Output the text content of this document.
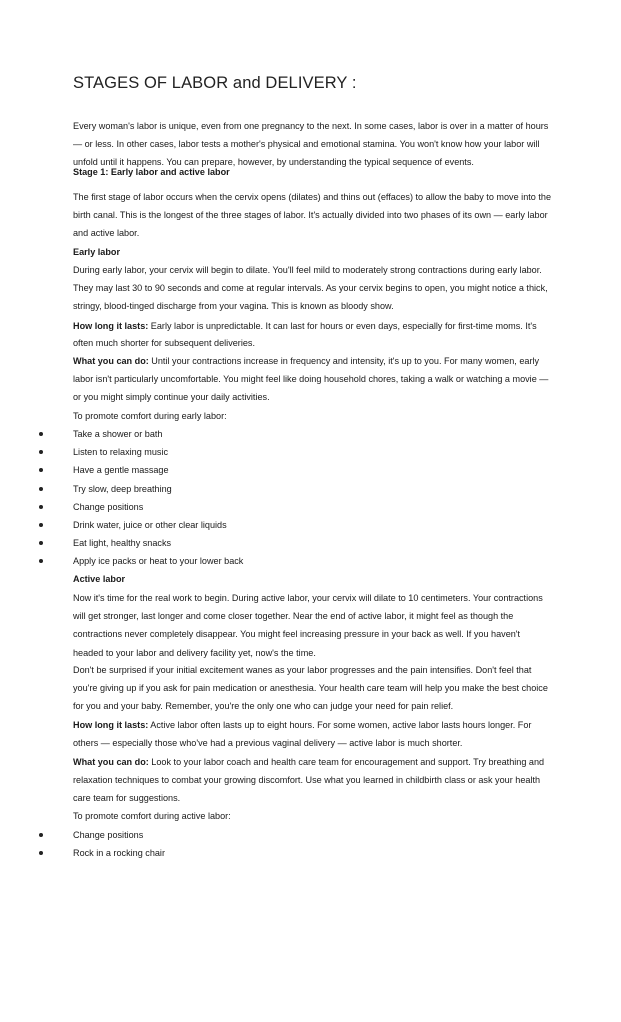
STAGES OF LABOR and DELIVERY :

Every woman's labor is unique, even from one pregnancy to the next. In some cases, labor is over in a matter of hours — or less. In other cases, labor tests a mother's physical and emotional stamina. You won't know how your labor will unfold until it happens. You can prepare, however, by understanding the typical sequence of events.

Stage 1: Early labor and active labor

The first stage of labor occurs when the cervix opens (dilates) and thins out (effaces) to allow the baby to move into the birth canal. This is the longest of the three stages of labor. It's actually divided into two phases of its own — early labor and active labor.

Early labor

During early labor, your cervix will begin to dilate. You'll feel mild to moderately strong contractions during early labor. They may last 30 to 90 seconds and come at regular intervals. As your cervix begins to open, you might notice a thick, stringy, blood-tinged discharge from your vagina. This is known as bloody show.

How long it lasts: Early labor is unpredictable. It can last for hours or even days, especially for first-time moms. It's often much shorter for subsequent deliveries.

What you can do: Until your contractions increase in frequency and intensity, it's up to you. For many women, early labor isn't particularly uncomfortable. You might feel like doing household chores, taking a walk or watching a movie — or you might simply continue your daily activities.

To promote comfort during early labor:

Take a shower or bath
Listen to relaxing music
Have a gentle massage
Try slow, deep breathing
Change positions
Drink water, juice or other clear liquids
Eat light, healthy snacks
Apply ice packs or heat to your lower back

Active labor

Now it's time for the real work to begin. During active labor, your cervix will dilate to 10 centimeters. Your contractions will get stronger, last longer and come closer together. Near the end of active labor, it might feel as though the contractions never completely disappear. You might feel increasing pressure in your back as well. If you haven't headed to your labor and delivery facility yet, now's the time.

Don't be surprised if your initial excitement wanes as your labor progresses and the pain intensifies. Don't feel that you're giving up if you ask for pain medication or anesthesia. Your health care team will help you make the best choice for you and your baby. Remember, you're the only one who can judge your need for pain relief.

How long it lasts: Active labor often lasts up to eight hours. For some women, active labor lasts hours longer. For others — especially those who've had a previous vaginal delivery — active labor is much shorter.

What you can do: Look to your labor coach and health care team for encouragement and support. Try breathing and relaxation techniques to combat your growing discomfort. Use what you learned in childbirth class or ask your health care team for suggestions.

To promote comfort during active labor:

Change positions
Rock in a rocking chair
